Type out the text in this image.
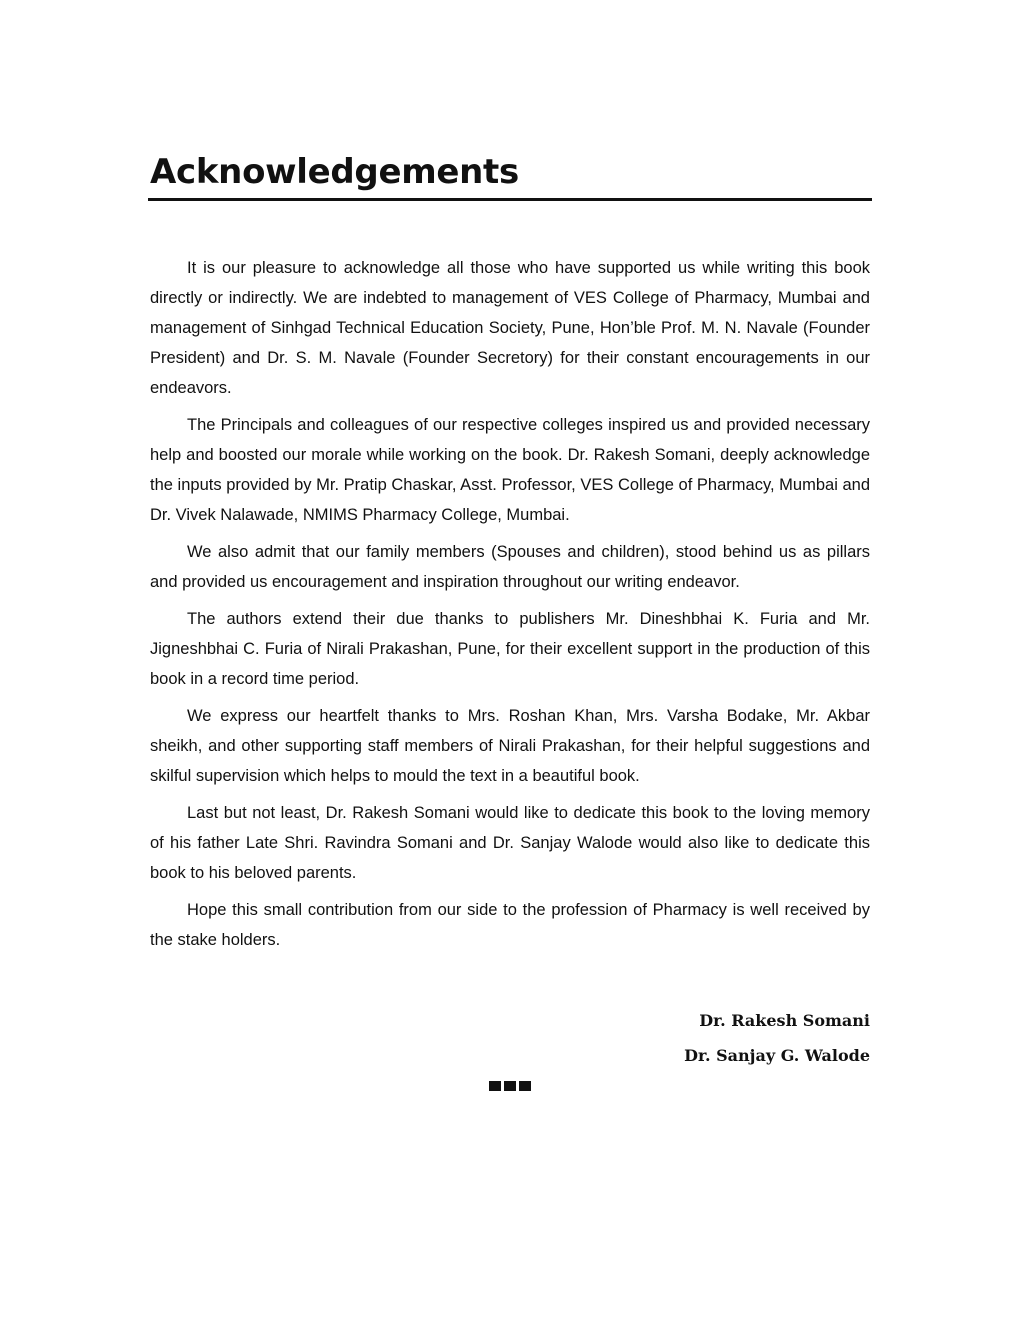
Acknowledgements

It is our pleasure to acknowledge all those who have supported us while writing this book directly or indirectly. We are indebted to management of VES College of Pharmacy, Mumbai and management of Sinhgad Technical Education Society, Pune, Hon’ble Prof. M. N. Navale (Founder President) and Dr. S. M. Navale (Founder Secretory) for their constant encouragements in our endeavors.

The Principals and colleagues of our respective colleges inspired us and provided necessary help and boosted our morale while working on the book. Dr. Rakesh Somani, deeply acknowledge the inputs provided by Mr. Pratip Chaskar, Asst. Professor, VES College of Pharmacy, Mumbai and Dr. Vivek Nalawade, NMIMS Pharmacy College, Mumbai.

We also admit that our family members (Spouses and children), stood behind us as pillars and provided us encouragement and inspiration throughout our writing endeavor.

The authors extend their due thanks to publishers Mr. Dineshbhai K. Furia and Mr. Jigneshbhai C. Furia of Nirali Prakashan, Pune, for their excellent support in the production of this book in a record time period.

We express our heartfelt thanks to Mrs. Roshan Khan, Mrs. Varsha Bodake, Mr. Akbar sheikh, and other supporting staff members of Nirali Prakashan, for their helpful suggestions and skilful supervision which helps to mould the text in a beautiful book.

Last but not least, Dr. Rakesh Somani would like to dedicate this book to the loving memory of his father Late Shri. Ravindra Somani and Dr. Sanjay Walode would also like to dedicate this book to his beloved parents.

Hope this small contribution from our side to the profession of Pharmacy is well received by the stake holders.

Dr. Rakesh Somani
Dr. Sanjay G. Walode
